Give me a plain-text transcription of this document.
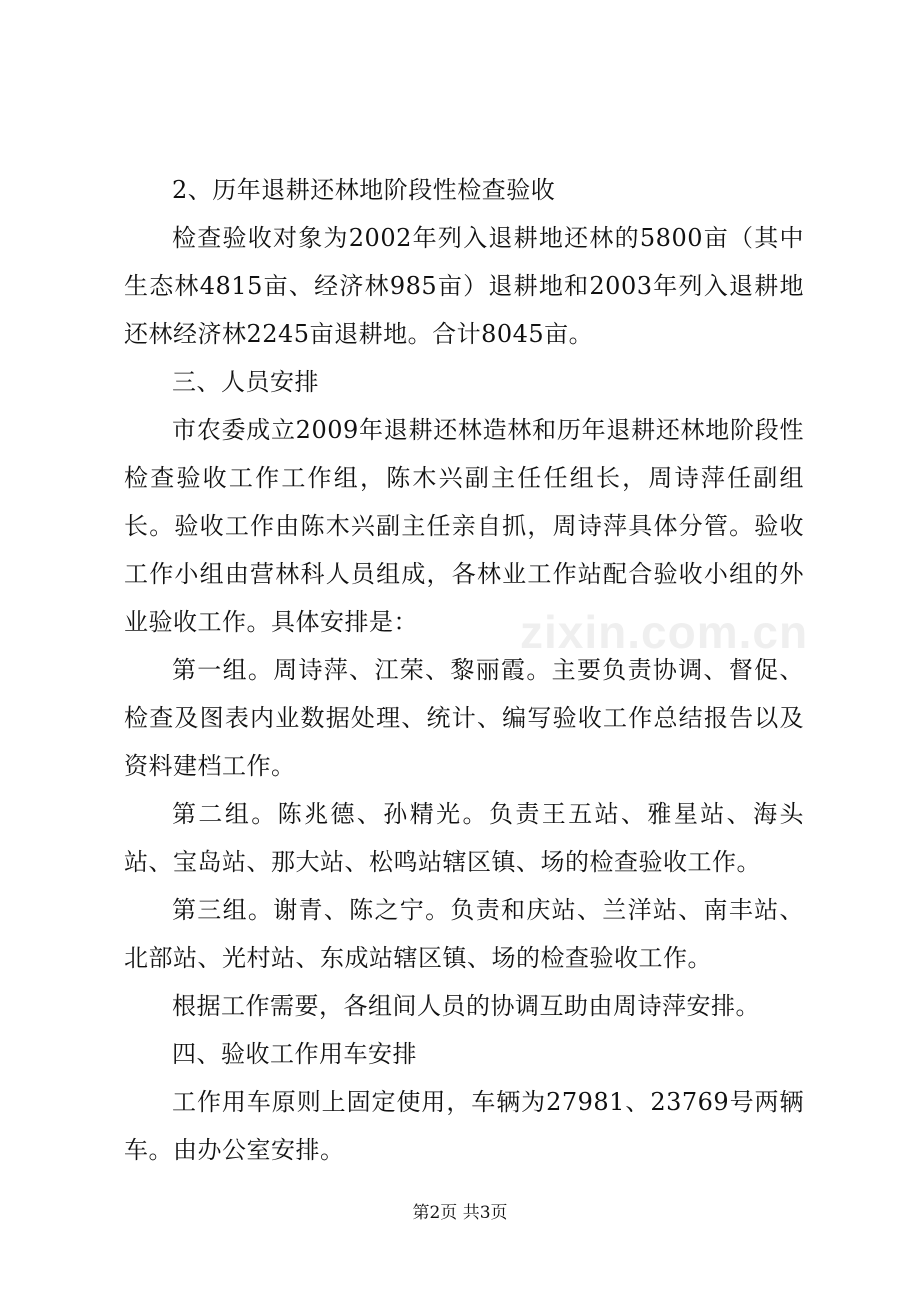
zixin.com.cn

2、历年退耕还林地阶段性检查验收

检查验收对象为2002年列入退耕地还林的5800亩（其中生态林4815亩、经济林985亩）退耕地和2003年列入退耕地还林经济林2245亩退耕地。合计8045亩。

三、人员安排

市农委成立2009年退耕还林造林和历年退耕还林地阶段性检查验收工作工作组，陈木兴副主任任组长，周诗萍任副组长。验收工作由陈木兴副主任亲自抓，周诗萍具体分管。验收工作小组由营林科人员组成，各林业工作站配合验收小组的外业验收工作。具体安排是：

第一组。周诗萍、江荣、黎丽霞。主要负责协调、督促、检查及图表内业数据处理、统计、编写验收工作总结报告以及资料建档工作。

第二组。陈兆德、孙精光。负责王五站、雅星站、海头站、宝岛站、那大站、松鸣站辖区镇、场的检查验收工作。

第三组。谢青、陈之宁。负责和庆站、兰洋站、南丰站、北部站、光村站、东成站辖区镇、场的检查验收工作。

根据工作需要，各组间人员的协调互助由周诗萍安排。

四、验收工作用车安排

工作用车原则上固定使用，车辆为27981、23769号两辆车。由办公室安排。

第2页 共3页
